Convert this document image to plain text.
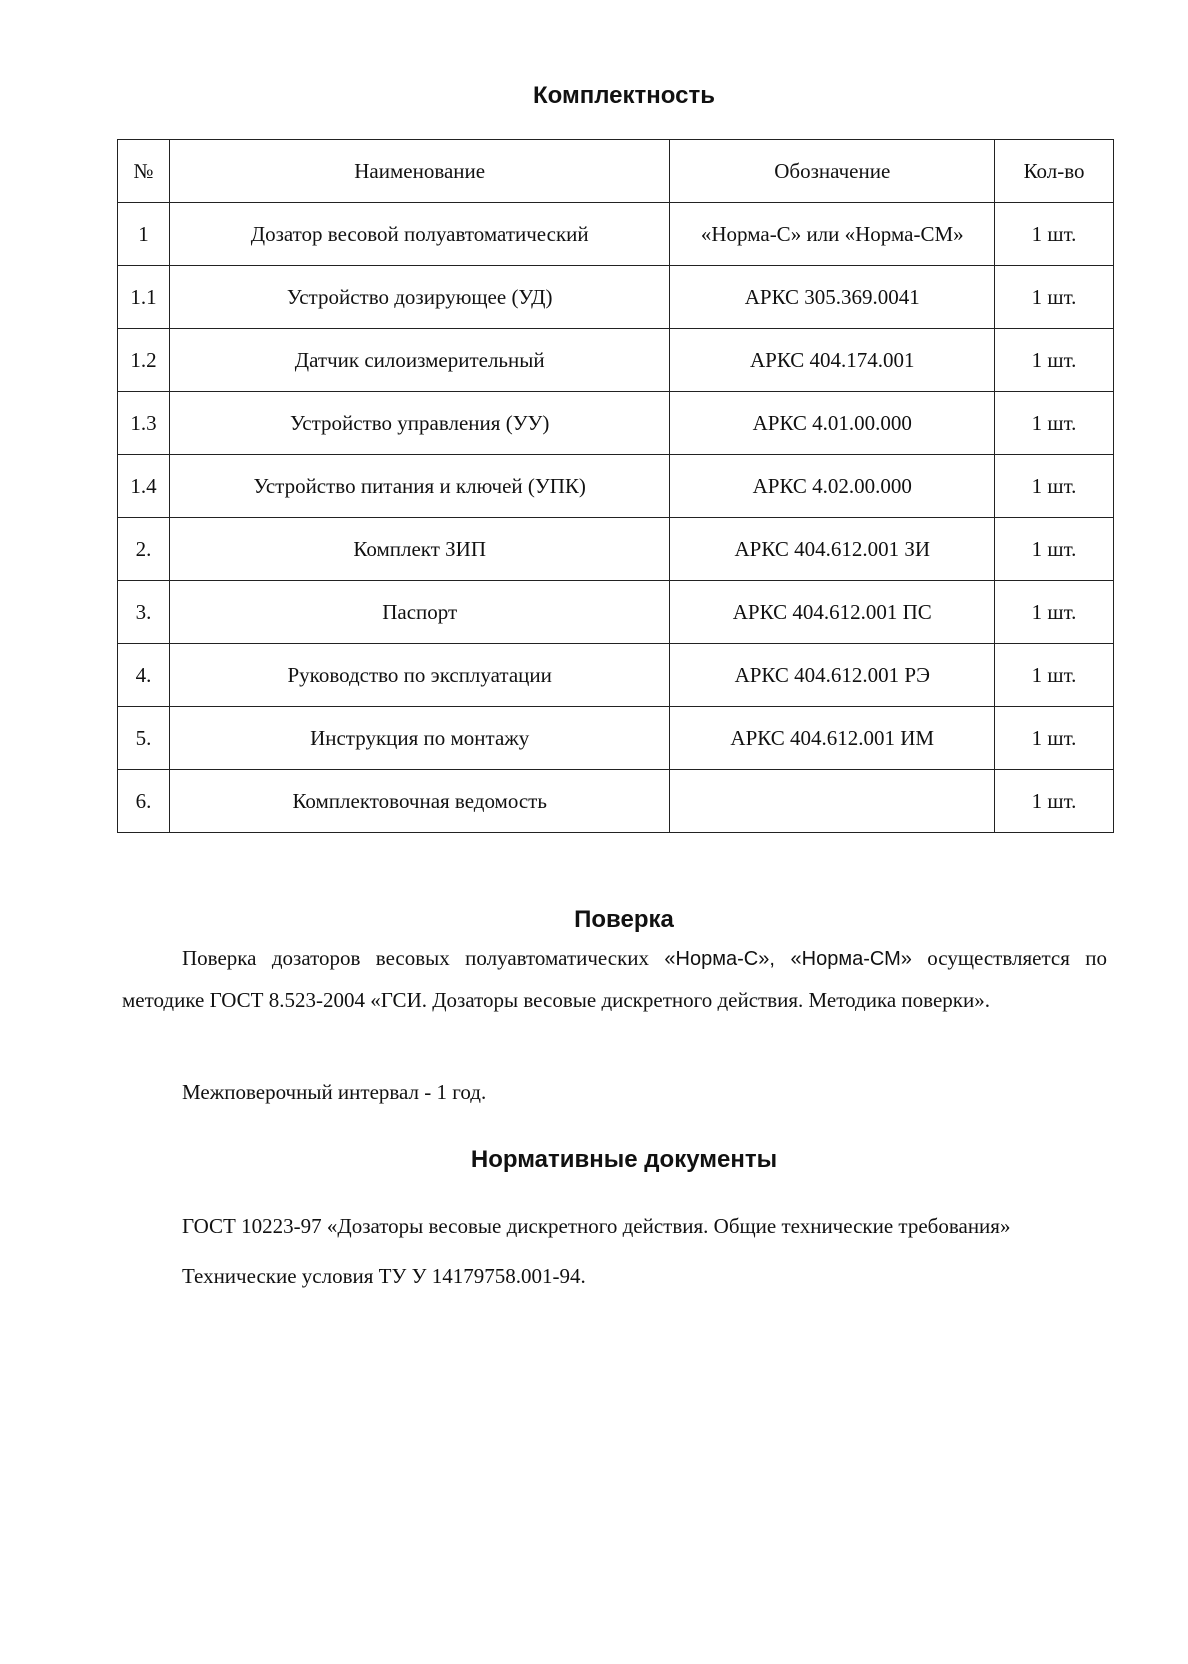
Комплектность
№	Наименование	Обозначение	Кол-во
1	Дозатор весовой полуавтоматический	«Норма-С» или «Норма-СМ»	1 шт.
1.1	Устройство дозирующее (УД)	АРКС 305.369.0041	1 шт.
1.2	Датчик силоизмерительный	АРКС 404.174.001	1 шт.
1.3	Устройство управления (УУ)	АРКС 4.01.00.000	1 шт.
1.4	Устройство питания и ключей (УПК)	АРКС 4.02.00.000	1 шт.
2.	Комплект ЗИП	АРКС 404.612.001 ЗИ	1 шт.
3.	Паспорт	АРКС 404.612.001 ПС	1 шт.
4.	Руководство по эксплуатации	АРКС 404.612.001 РЭ	1 шт.
5.	Инструкция по монтажу	АРКС 404.612.001 ИМ	1 шт.
6.	Комплектовочная ведомость		1 шт.
Поверка
Поверка дозаторов весовых полуавтоматических «Норма-С», «Норма-СМ» осуществляется по методике ГОСТ 8.523-2004 «ГСИ. Дозаторы весовые дискретного действия. Методика поверки».
Межповерочный интервал - 1 год.
Нормативные документы
ГОСТ 10223-97 «Дозаторы весовые дискретного действия. Общие технические требования»
Технические условия ТУ У 14179758.001-94.
